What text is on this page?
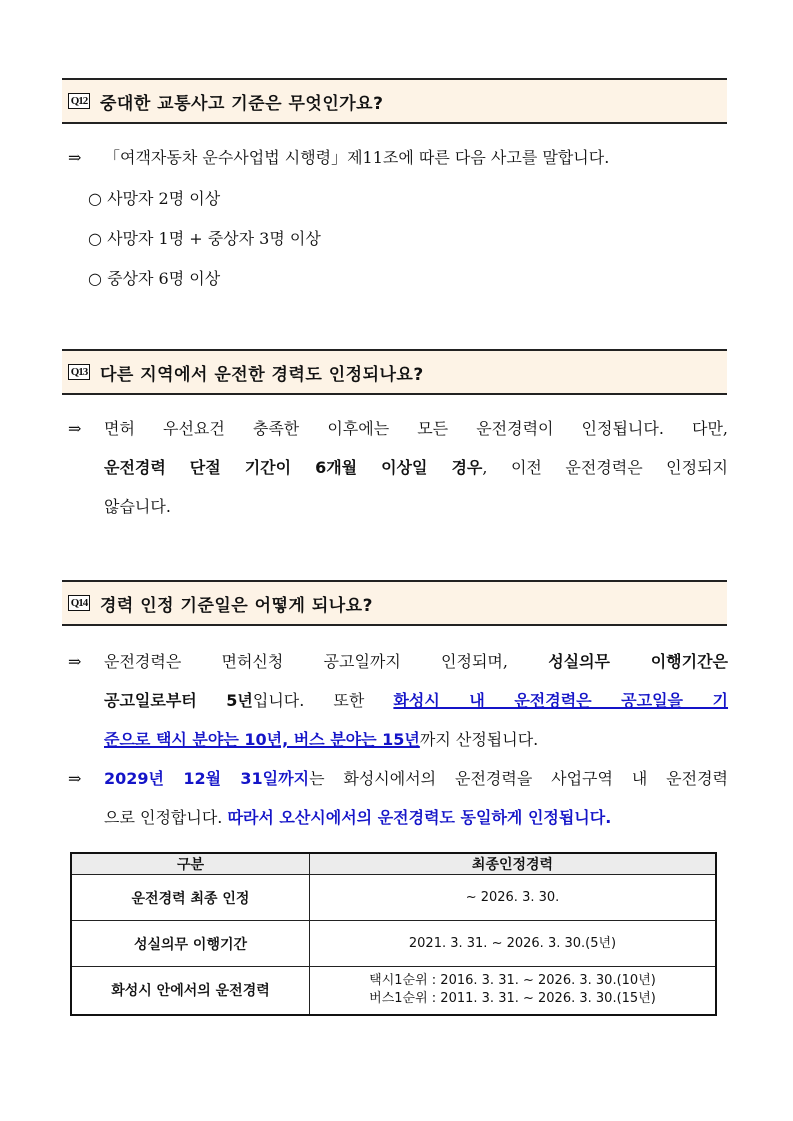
Q12 중대한 교통사고 기준은 무엇인가요?
⇒ 「여객자동차 운수사업법 시행령」제11조에 따른 다음 사고를 말합니다.
○ 사망자 2명 이상
○ 사망자 1명 + 중상자 3명 이상
○ 중상자 6명 이상
Q13 다른 지역에서 운전한 경력도 인정되나요?
⇒ 면허 우선요건 충족한 이후에는 모든 운전경력이 인정됩니다. 다만,
운전경력 단절 기간이 6개월 이상일 경우, 이전 운전경력은 인정되지
않습니다.
Q14 경력 인정 기준일은 어떻게 되나요?
⇒ 운전경력은 면허신청 공고일까지 인정되며, 성실의무 이행기간은
공고일로부터 5년입니다. 또한 화성시 내 운전경력은 공고일을 기
준으로 택시 분야는 10년, 버스 분야는 15년까지 산정됩니다.
⇒ 2029년 12월 31일까지는 화성시에서의 운전경력을 사업구역 내 운전경력
으로 인정합니다. 따라서 오산시에서의 운전경력도 동일하게 인정됩니다.
구분	최종인정경력
운전경력 최종 인정	~ 2026. 3. 30.
성실의무 이행기간	2021. 3. 31. ~ 2026. 3. 30.(5년)
화성시 안에서의 운전경력	택시1순위 : 2016. 3. 31. ~ 2026. 3. 30.(10년)
버스1순위 : 2011. 3. 31. ~ 2026. 3. 30.(15년)
